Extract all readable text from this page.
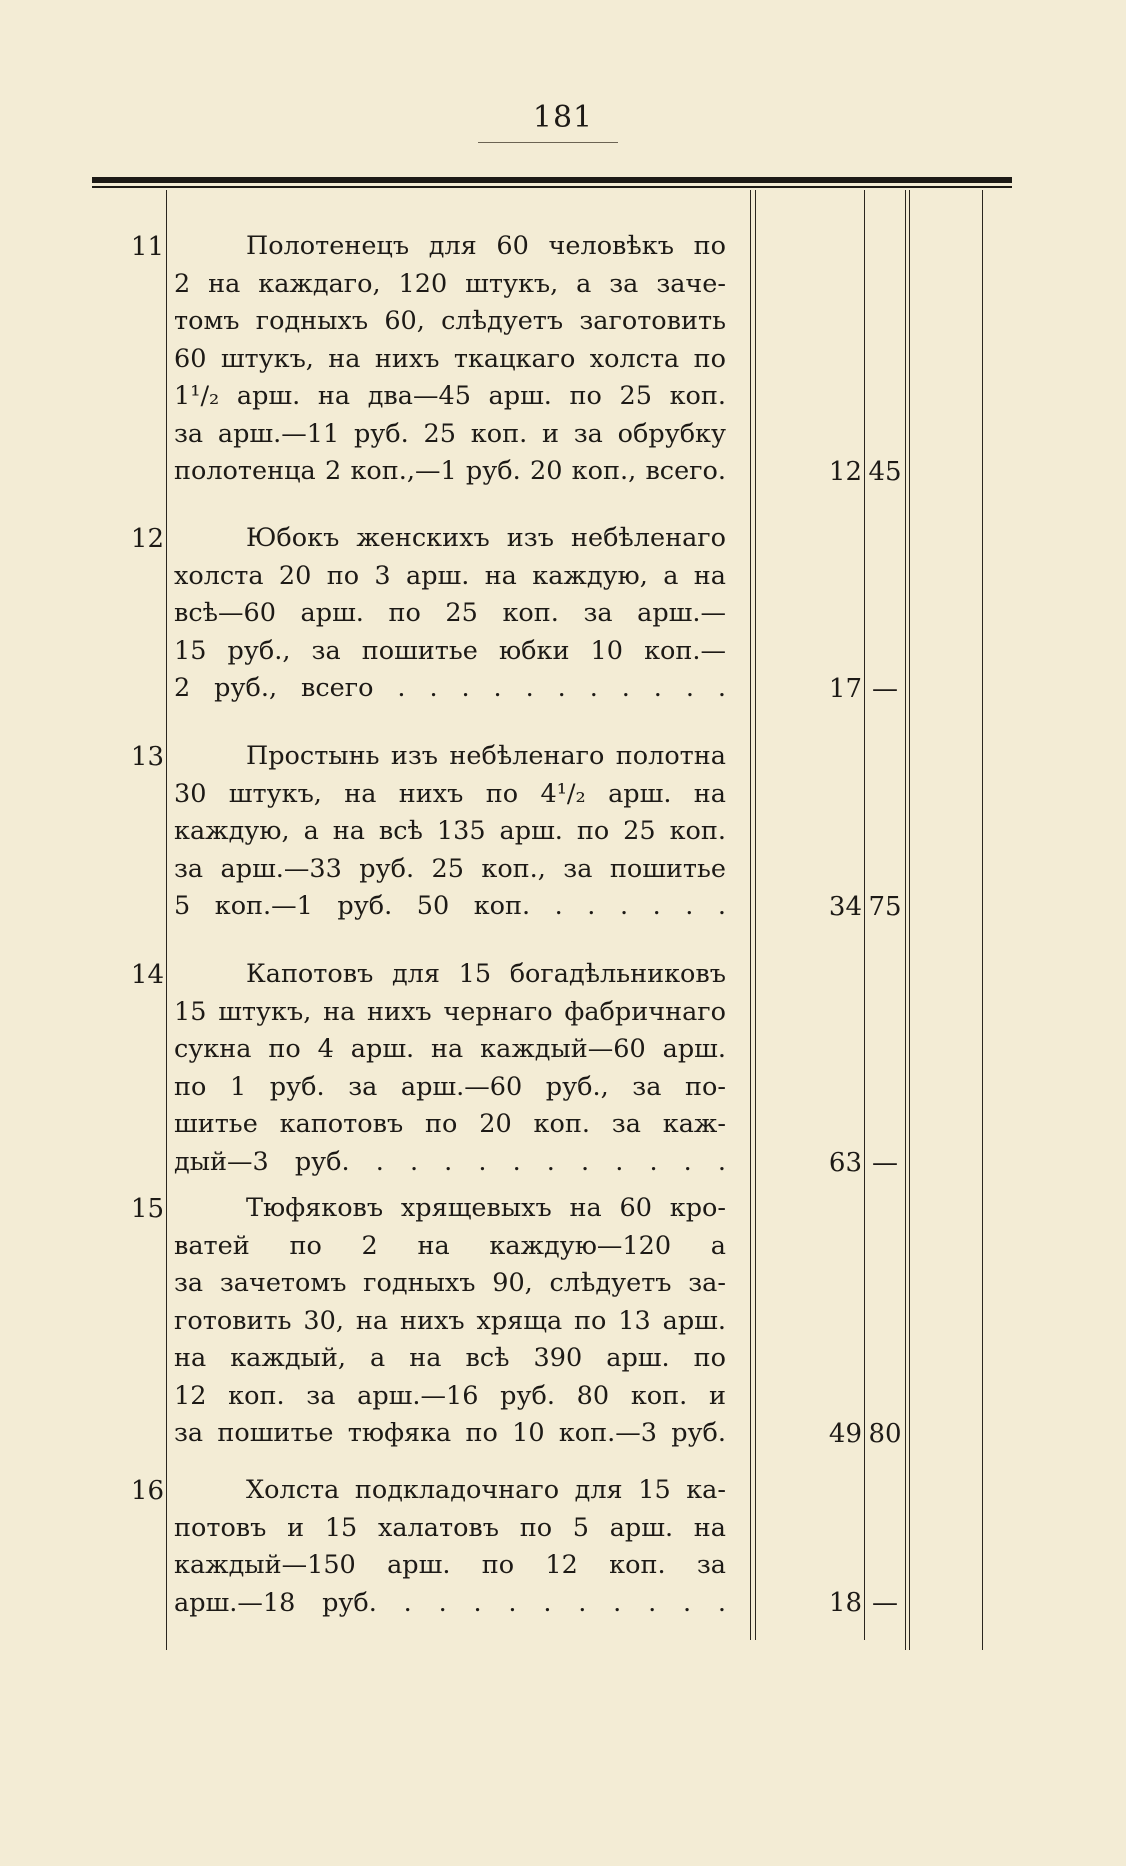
181
11	Полотенецъ для 60 человѣкъ по
2 на каждаго, 120 штукъ, а за заче-
томъ годныхъ 60, слѣдуетъ заготовить
60 штукъ, на нихъ ткацкаго холста по
1¹/₂ арш. на два—45 арш. по 25 коп.
за арш.—11 руб. 25 коп. и за обрубку
полотенца 2 коп.,—1 руб. 20 коп., всего.	12 45
12	Юбокъ женскихъ изъ небѣленаго
холста 20 по 3 арш. на каждую, а на
всѣ—60 арш. по 25 коп. за арш.—
15 руб., за пошитье юбки 10 коп.—
2 руб., всего . . . . . . . . . . .	17 —
13	Простынь изъ небѣленаго полотна
30 штукъ, на нихъ по 4¹/₂ арш. на
каждую, а на всѣ 135 арш. по 25 коп.
за арш.—33 руб. 25 коп., за пошитье
5 коп.—1 руб. 50 коп. . . . . . .	34 75
14	Капотовъ для 15 богадѣльниковъ
15 штукъ, на нихъ чернаго фабричнаго
сукна по 4 арш. на каждый—60 арш.
по 1 руб. за арш.—60 руб., за по-
шитье капотовъ по 20 коп. за каж-
дый—3 руб. . . . . . . . . . . .	63 —
15	Тюфяковъ хрящевыхъ на 60 кро-
ватей по 2 на каждую—120 а
за зачетомъ годныхъ 90, слѣдуетъ за-
готовить 30, на нихъ хряща по 13 арш.
на каждый, а на всѣ 390 арш. по
12 коп. за арш.—16 руб. 80 коп. и
за пошитье тюфяка по 10 коп.—3 руб.	49 80
16	Холста подкладочнаго для 15 ка-
потовъ и 15 халатовъ по 5 арш. на
каждый—150 арш. по 12 коп. за
арш.—18 руб. . . . . . . . . . .	18 —
